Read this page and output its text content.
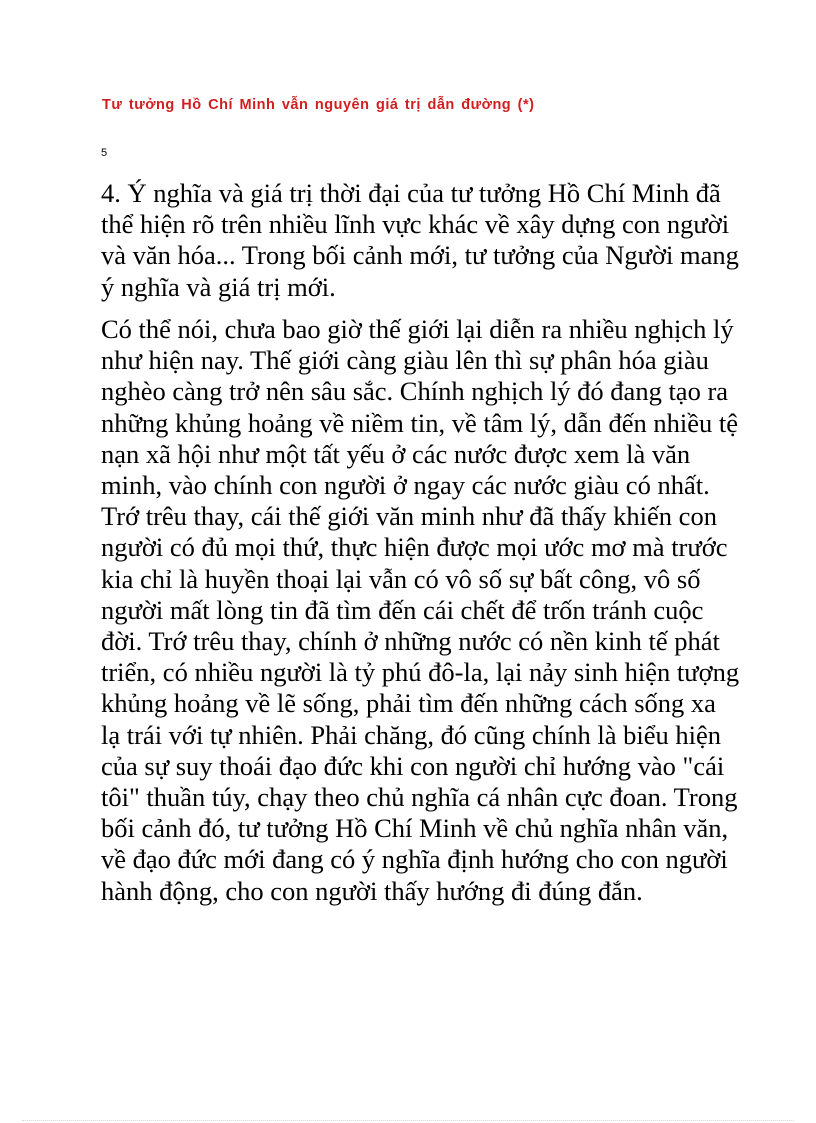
Tư tưởng Hồ Chí Minh vẫn nguyên giá trị dẫn đường (*)
5

4. Ý nghĩa và giá trị thời đại của tư tưởng Hồ Chí Minh đã thể hiện rõ trên nhiều lĩnh vực khác về xây dựng con người và văn hóa... Trong bối cảnh mới, tư tưởng của Người mang ý nghĩa và giá trị mới.

Có thể nói, chưa bao giờ thế giới lại diễn ra nhiều nghịch lý như hiện nay. Thế giới càng giàu lên thì sự phân hóa giàu nghèo càng trở nên sâu sắc. Chính nghịch lý đó đang tạo ra những khủng hoảng về niềm tin, về tâm lý, dẫn đến nhiều tệ nạn xã hội như một tất yếu ở các nước được xem là văn minh, vào chính con người ở ngay các nước giàu có nhất. Trớ trêu thay, cái thế giới văn minh như đã thấy khiến con người có đủ mọi thứ, thực hiện được mọi ước mơ mà trước kia chỉ là huyền thoại lại vẫn có vô số sự bất công, vô số người mất lòng tin đã tìm đến cái chết để trốn tránh cuộc đời. Trớ trêu thay, chính ở những nước có nền kinh tế phát triển, có nhiều người là tỷ phú đô-la, lại nảy sinh hiện tượng khủng hoảng về lẽ sống, phải tìm đến những cách sống xa lạ trái với tự nhiên. Phải chăng, đó cũng chính là biểu hiện của sự suy thoái đạo đức khi con người chỉ hướng vào "cái tôi" thuần túy, chạy theo chủ nghĩa cá nhân cực đoan. Trong bối cảnh đó, tư tưởng Hồ Chí Minh về chủ nghĩa nhân văn, về đạo đức mới đang có ý nghĩa định hướng cho con người hành động, cho con người thấy hướng đi đúng đắn.
